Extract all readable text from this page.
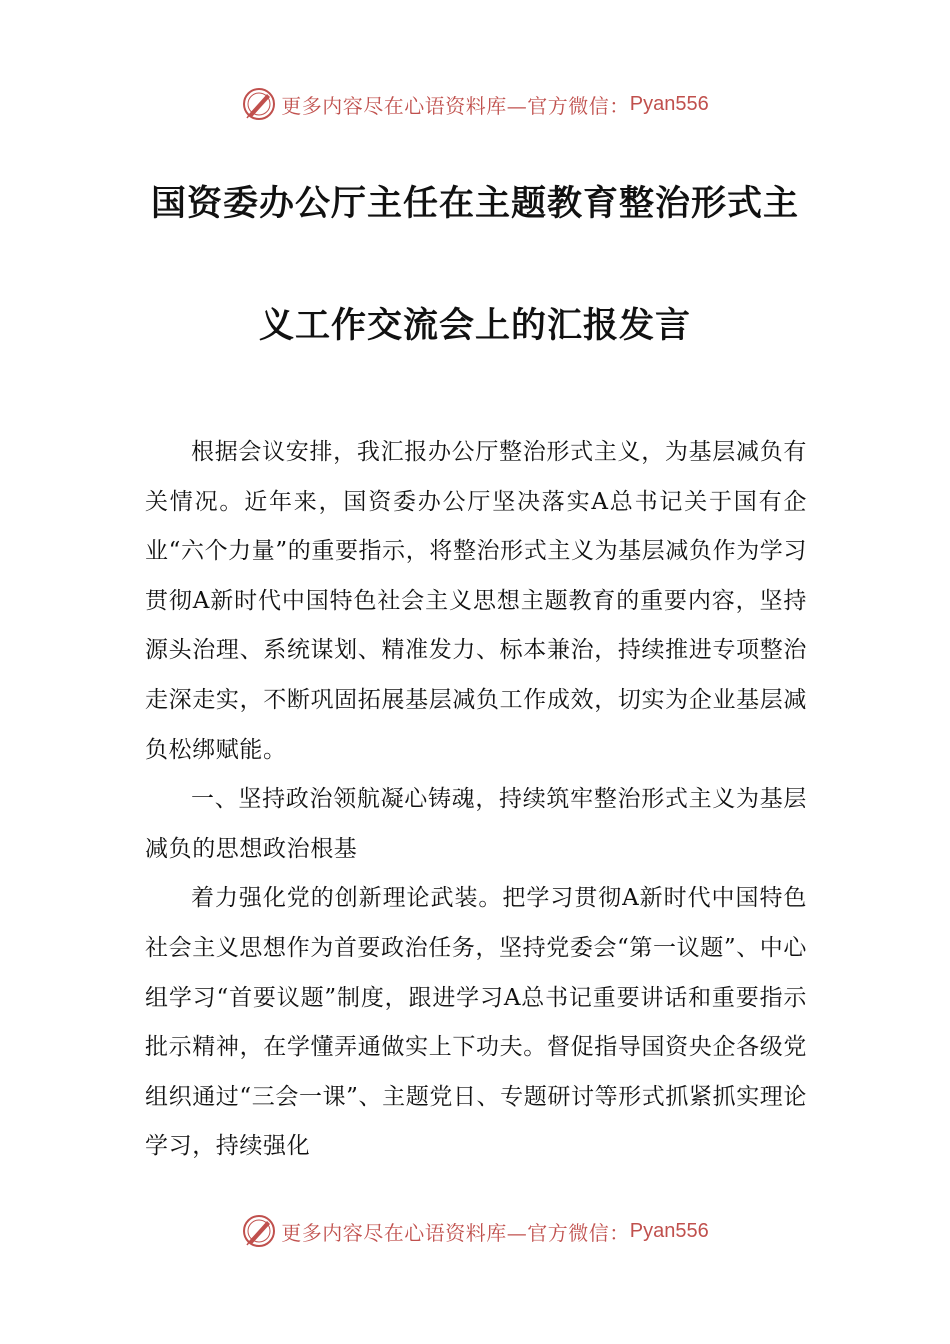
更多内容尽在心语资料库—官方微信： Pyan556
国资委办公厅主任在主题教育整治形式主
义工作交流会上的汇报发言

根据会议安排，我汇报办公厅整治形式主义，为基层减负有关情况。近年来，国资委办公厅坚决落实A总书记关于国有企业“六个力量”的重要指示，将整治形式主义为基层减负作为学习贯彻A新时代中国特色社会主义思想主题教育的重要内容，坚持源头治理、系统谋划、精准发力、标本兼治，持续推进专项整治走深走实，不断巩固拓展基层减负工作成效，切实为企业基层减负松绑赋能。

一、坚持政治领航凝心铸魂，持续筑牢整治形式主义为基层减负的思想政治根基

着力强化党的创新理论武装。把学习贯彻A新时代中国特色社会主义思想作为首要政治任务，坚持党委会“第一议题”、中心组学习“首要议题”制度，跟进学习A总书记重要讲话和重要指示批示精神，在学懂弄通做实上下功夫。督促指导国资央企各级党组织通过“三会一课”、主题党日、专题研讨等形式抓紧抓实理论学习，持续强化

更多内容尽在心语资料库—官方微信： Pyan556
